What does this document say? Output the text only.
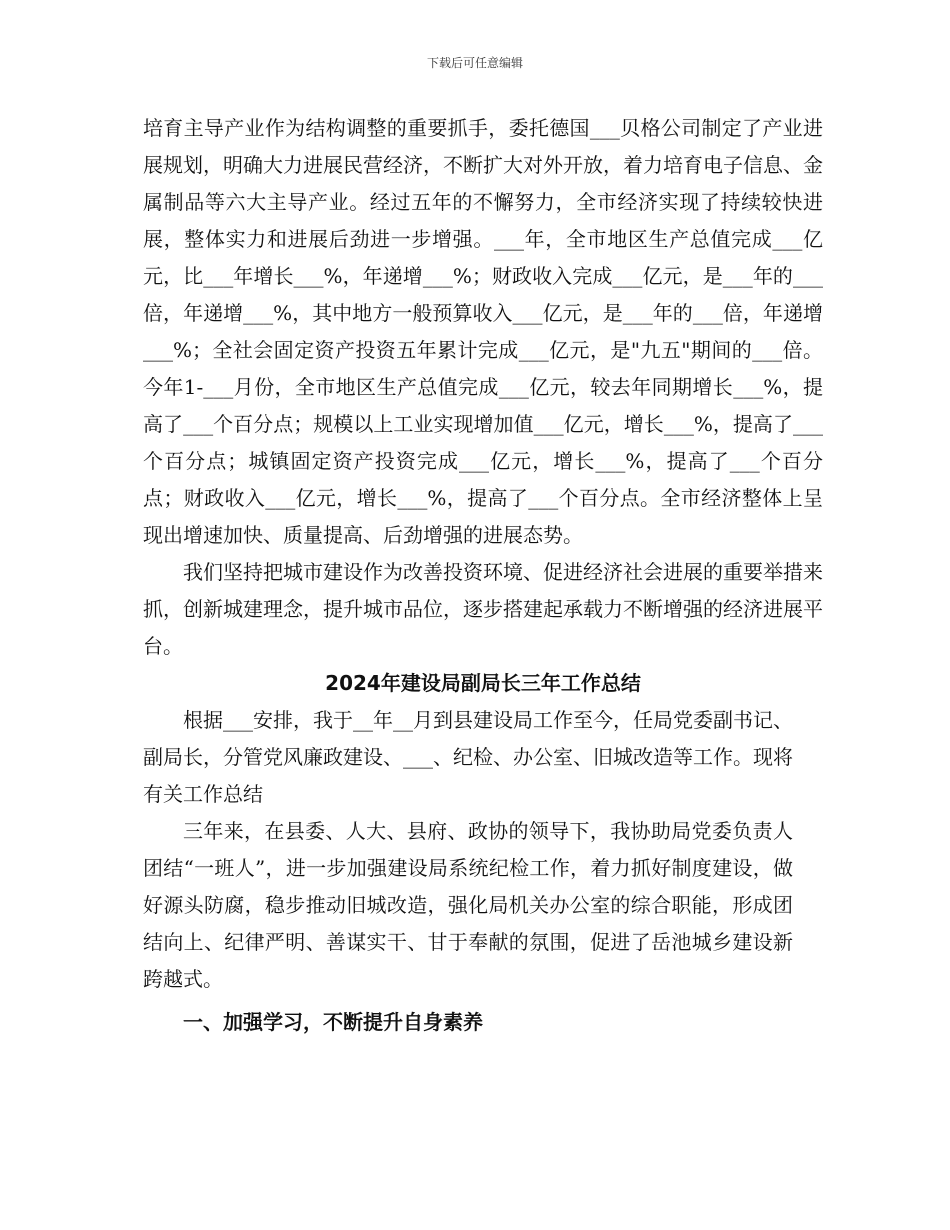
下载后可任意编辑

培育主导产业作为结构调整的重要抓手，委托德国___贝格公司制定了产业进展规划，明确大力进展民营经济，不断扩大对外开放，着力培育电子信息、金属制品等六大主导产业。经过五年的不懈努力，全市经济实现了持续较快进展，整体实力和进展后劲进一步增强。___年，全市地区生产总值完成___亿元，比___年增长___%，年递增___%；财政收入完成___亿元，是___年的___倍，年递增___%，其中地方一般预算收入___亿元，是___年的___倍，年递增___%；全社会固定资产投资五年累计完成___亿元，是"九五"期间的___倍。今年1-___月份，全市地区生产总值完成___亿元，较去年同期增长___%，提高了___个百分点；规模以上工业实现增加值___亿元，增长___%，提高了___个百分点；城镇固定资产投资完成___亿元，增长___%，提高了___个百分点；财政收入___亿元，增长___%，提高了___个百分点。全市经济整体上呈现出增速加快、质量提高、后劲增强的进展态势。

我们坚持把城市建设作为改善投资环境、促进经济社会进展的重要举措来抓，创新城建理念，提升城市品位，逐步搭建起承载力不断增强的经济进展平台。

2024年建设局副局长三年工作总结

根据___安排，我于__年__月到县建设局工作至今，任局党委副书记、副局长，分管党风廉政建设、___、纪检、办公室、旧城改造等工作。现将有关工作总结

三年来，在县委、人大、县府、政协的领导下，我协助局党委负责人团结“一班人”，进一步加强建设局系统纪检工作，着力抓好制度建设，做好源头防腐，稳步推动旧城改造，强化局机关办公室的综合职能，形成团结向上、纪律严明、善谋实干、甘于奉献的氛围，促进了岳池城乡建设新跨越式。

一、加强学习，不断提升自身素养
